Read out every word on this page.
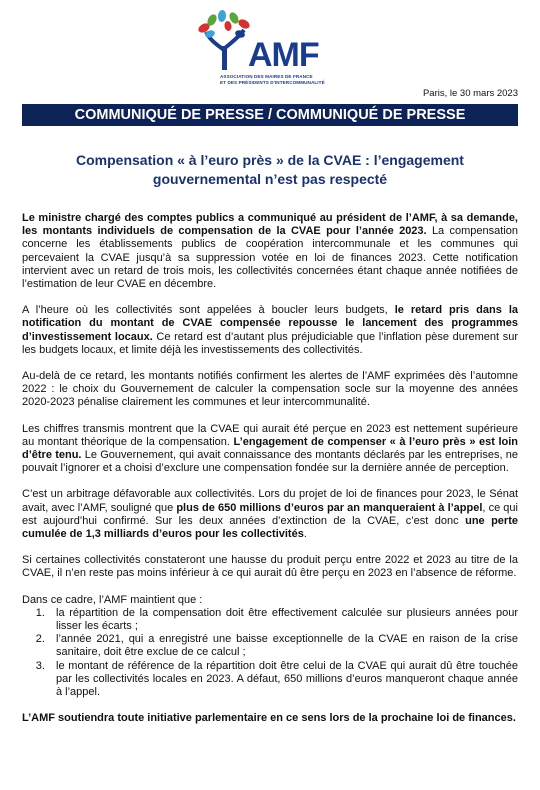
AMF
ASSOCIATION DES MAIRES DE FRANCE
ET DES PRÉSIDENTS D'INTERCOMMUNALITÉ
Paris, le 30 mars 2023
COMMUNIQUÉ DE PRESSE / COMMUNIQUÉ DE PRESSE
Compensation « à l’euro près » de la CVAE : l’engagement
gouvernemental n’est pas respecté

Le ministre chargé des comptes publics a communiqué au président de l’AMF, à sa demande, les montants individuels de compensation de la CVAE pour l’année 2023. La compensation concerne les établissements publics de coopération intercommunale et les communes qui percevaient la CVAE jusqu’à sa suppression votée en loi de finances 2023. Cette notification intervient avec un retard de trois mois, les collectivités concernées étant chaque année notifiées de l’estimation de leur CVAE en décembre.

A l’heure où les collectivités sont appelées à boucler leurs budgets, le retard pris dans la notification du montant de CVAE compensée repousse le lancement des programmes d’investissement locaux. Ce retard est d’autant plus préjudiciable que l’inflation pèse durement sur les budgets locaux, et limite déjà les investissements des collectivités.

Au-delà de ce retard, les montants notifiés confirment les alertes de l’AMF exprimées dès l’automne 2022 : le choix du Gouvernement de calculer la compensation socle sur la moyenne des années 2020-2023 pénalise clairement les communes et leur intercommunalité.

Les chiffres transmis montrent que la CVAE qui aurait été perçue en 2023 est nettement supérieure au montant théorique de la compensation. L’engagement de compenser « à l’euro près » est loin d’être tenu. Le Gouvernement, qui avait connaissance des montants déclarés par les entreprises, ne pouvait l’ignorer et a choisi d’exclure une compensation fondée sur la dernière année de perception.

C’est un arbitrage défavorable aux collectivités. Lors du projet de loi de finances pour 2023, le Sénat avait, avec l’AMF, souligné que plus de 650 millions d’euros par an manqueraient à l’appel, ce qui est aujourd’hui confirmé. Sur les deux années d’extinction de la CVAE, c’est donc une perte cumulée de 1,3 milliards d’euros pour les collectivités.

Si certaines collectivités constateront une hausse du produit perçu entre 2022 et 2023 au titre de la CVAE, il n’en reste pas moins inférieur à ce qui aurait dû être perçu en 2023 en l’absence de réforme.

Dans ce cadre, l’AMF maintient que :

1. la répartition de la compensation doit être effectivement calculée sur plusieurs années pour lisser les écarts ;
2. l’année 2021, qui a enregistré une baisse exceptionnelle de la CVAE en raison de la crise sanitaire, doit être exclue de ce calcul ;
3. le montant de référence de la répartition doit être celui de la CVAE qui aurait dû être touchée par les collectivités locales en 2023. A défaut, 650 millions d’euros manqueront chaque année à l’appel.

L’AMF soutiendra toute initiative parlementaire en ce sens lors de la prochaine loi de finances.
